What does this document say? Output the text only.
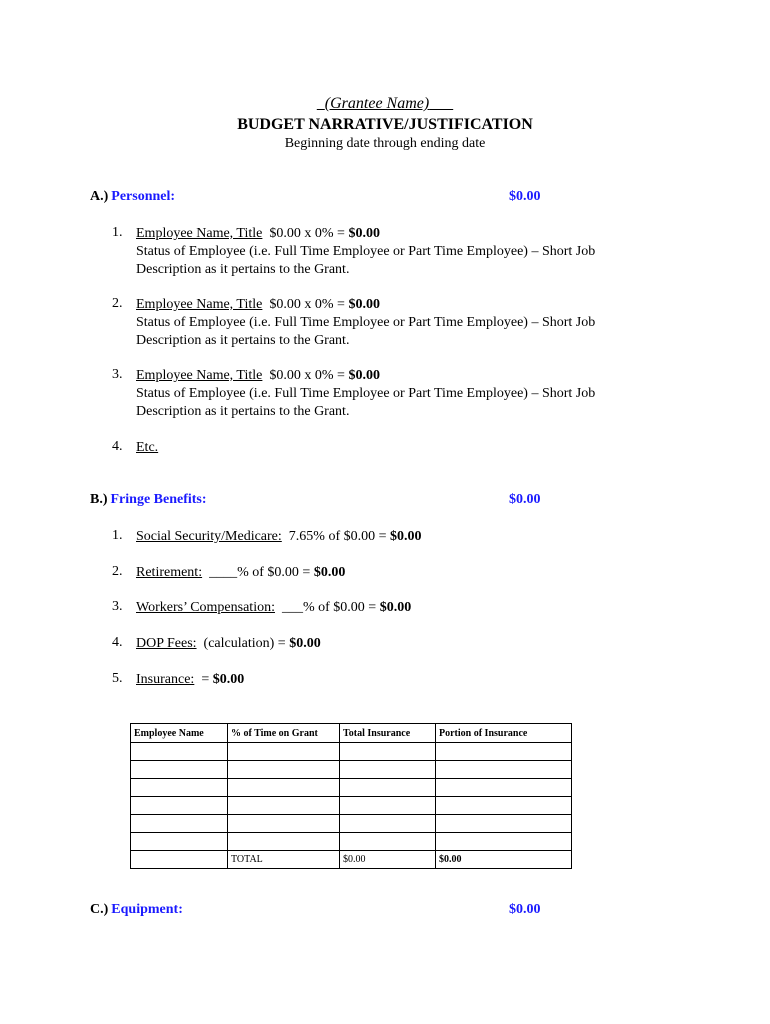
(Grantee Name)
BUDGET NARRATIVE/JUSTIFICATION
Beginning date through ending date
A.) Personnel:	$0.00
1. Employee Name, Title  $0.00 x 0% = $0.00
Status of Employee (i.e. Full Time Employee or Part Time Employee) – Short Job Description as it pertains to the Grant.
2. Employee Name, Title  $0.00 x 0% = $0.00
Status of Employee (i.e. Full Time Employee or Part Time Employee) – Short Job Description as it pertains to the Grant.
3. Employee Name, Title  $0.00 x 0% = $0.00
Status of Employee (i.e. Full Time Employee or Part Time Employee) – Short Job Description as it pertains to the Grant.
4. Etc.
B.) Fringe Benefits:	$0.00
1. Social Security/Medicare:  7.65% of $0.00 = $0.00
2. Retirement:  ____% of $0.00 = $0.00
3. Workers’ Compensation:  ___% of $0.00 = $0.00
4. DOP Fees:  (calculation) = $0.00
5. Insurance:  = $0.00
Employee Name	% of Time on Grant	Total Insurance	Portion of Insurance

	TOTAL	$0.00	$0.00
C.) Equipment:	$0.00
